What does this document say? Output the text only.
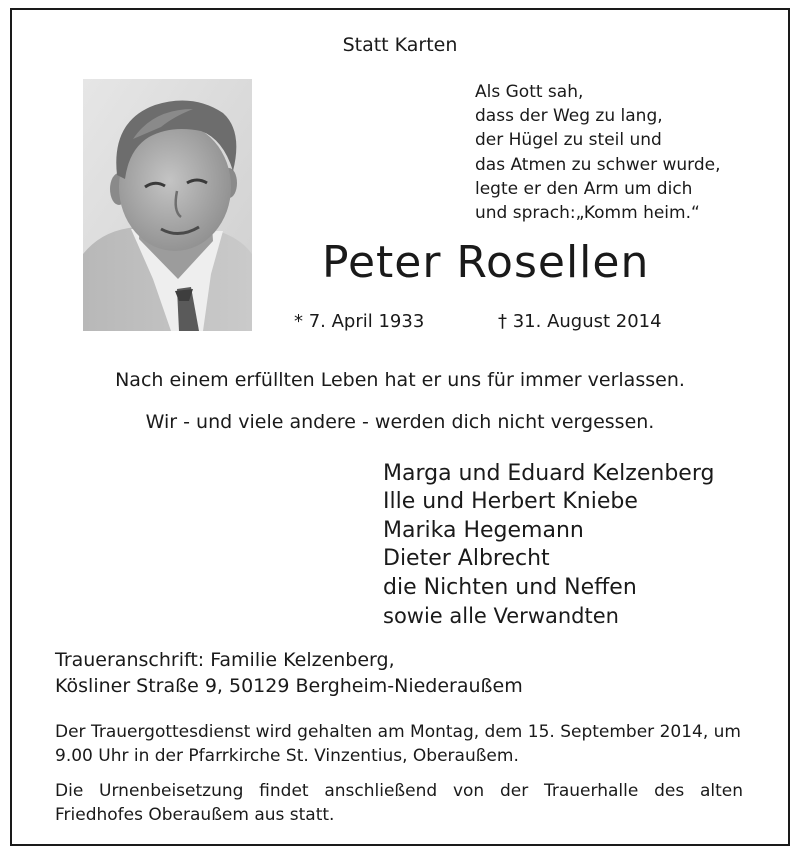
Statt Karten
Als Gott sah,
dass der Weg zu lang,
der Hügel zu steil und
das Atmen zu schwer wurde,
legte er den Arm um dich
und sprach:„Komm heim.“
Peter Rosellen
* 7. April 1933	† 31. August 2014
Nach einem erfüllten Leben hat er uns für immer verlassen.
Wir - und viele andere - werden dich nicht vergessen.
Marga und Eduard Kelzenberg
Ille und Herbert Kniebe
Marika Hegemann
Dieter Albrecht
die Nichten und Neffen
sowie alle Verwandten
Traueranschrift: Familie Kelzenberg,
Kösliner Straße 9, 50129 Bergheim-Niederaußem
Der Trauergottesdienst wird gehalten am Montag, dem 15. September 2014, um 9.00 Uhr in der Pfarrkirche St. Vinzentius, Oberaußem.
Die Urnenbeisetzung findet anschließend von der Trauerhalle des alten Friedhofes Oberaußem aus statt.
